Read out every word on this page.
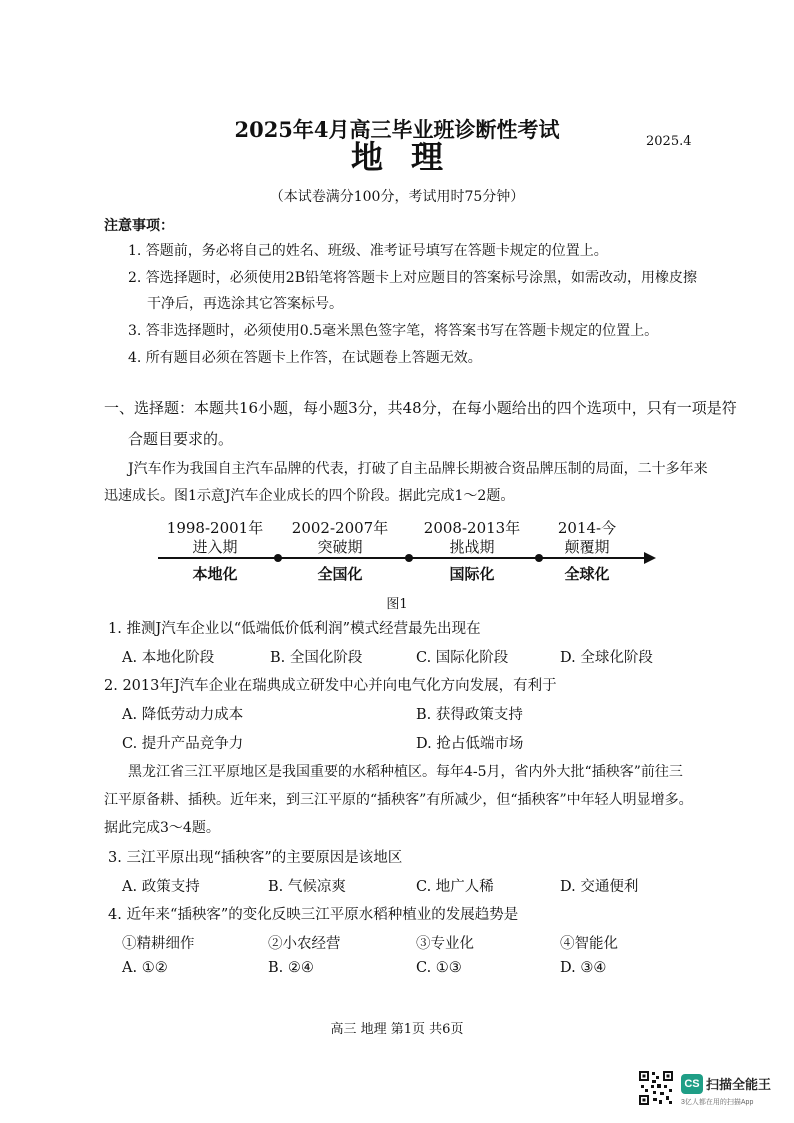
2025年4月高三毕业班诊断性考试
地理	2025.4
（本试卷满分100分，考试用时75分钟）
注意事项：
1. 答题前，务必将自己的姓名、班级、准考证号填写在答题卡规定的位置上。
2. 答选择题时，必须使用2B铅笔将答题卡上对应题目的答案标号涂黑，如需改动，用橡皮擦
干净后，再选涂其它答案标号。
3. 答非选择题时，必须使用0.5毫米黑色签字笔，将答案书写在答题卡规定的位置上。
4. 所有题目必须在答题卡上作答，在试题卷上答题无效。
一、选择题：本题共16小题，每小题3分，共48分，在每小题给出的四个选项中，只有一项是符
合题目要求的。
J汽车作为我国自主汽车品牌的代表，打破了自主品牌长期被合资品牌压制的局面，二十多年来
迅速成长。图1示意J汽车企业成长的四个阶段。据此完成1～2题。
1998-2001年
进入期
本地化
2002-2007年
突破期
全国化
2008-2013年
挑战期
国际化
2014-今
颠覆期
全球化
图1
1. 推测J汽车企业以“低端低价低利润”模式经营最先出现在
A. 本地化阶段	B. 全国化阶段	C. 国际化阶段	D. 全球化阶段
2. 2013年J汽车企业在瑞典成立研发中心并向电气化方向发展，有利于
A. 降低劳动力成本	B. 获得政策支持
C. 提升产品竞争力	D. 抢占低端市场
黑龙江省三江平原地区是我国重要的水稻种植区。每年4-5月，省内外大批“插秧客”前往三
江平原备耕、插秧。近年来，到三江平原的“插秧客”有所减少，但“插秧客”中年轻人明显增多。
据此完成3～4题。
3. 三江平原出现“插秧客”的主要原因是该地区
A. 政策支持	B. 气候凉爽	C. 地广人稀	D. 交通便利
4. 近年来“插秧客”的变化反映三江平原水稻种植业的发展趋势是
①精耕细作	②小农经营	③专业化	④智能化
A. ①②	B. ②④	C. ①③	D. ③④
高三 地理 第1页 共6页
CS 扫描全能王
3亿人都在用的扫描App
